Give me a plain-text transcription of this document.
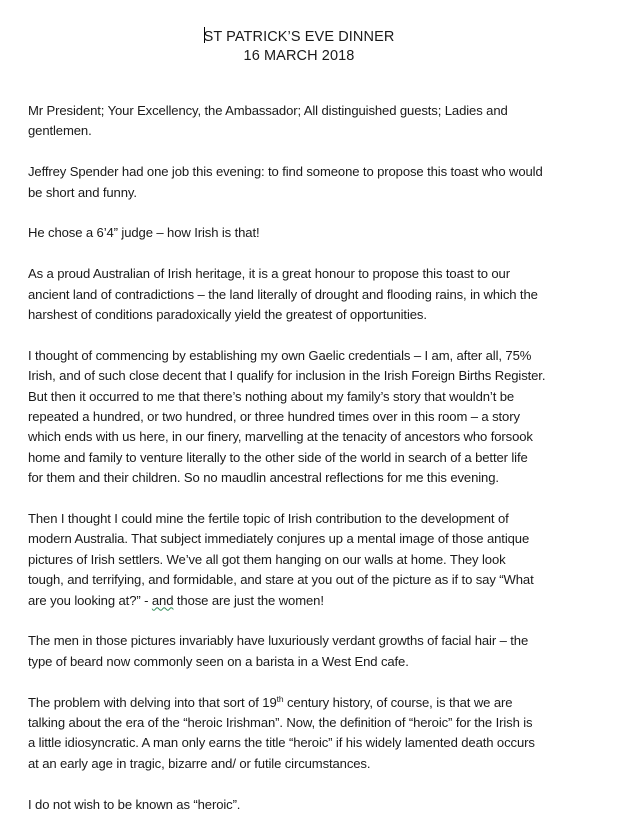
ST PATRICK’S EVE DINNER
16 MARCH 2018

Mr President; Your Excellency, the Ambassador; All distinguished guests; Ladies and
gentlemen.

Jeffrey Spender had one job this evening: to find someone to propose this toast who would
be short and funny.

He chose a 6’4” judge – how Irish is that!

As a proud Australian of Irish heritage, it is a great honour to propose this toast to our
ancient land of contradictions – the land literally of drought and flooding rains, in which the
harshest of conditions paradoxically yield the greatest of opportunities.

I thought of commencing by establishing my own Gaelic credentials – I am, after all, 75%
Irish, and of such close decent that I qualify for inclusion in the Irish Foreign Births Register.
But then it occurred to me that there’s nothing about my family’s story that wouldn’t be
repeated a hundred, or two hundred, or three hundred times over in this room – a story
which ends with us here, in our finery, marvelling at the tenacity of ancestors who forsook
home and family to venture literally to the other side of the world in search of a better life
for them and their children. So no maudlin ancestral reflections for me this evening.

Then I thought I could mine the fertile topic of Irish contribution to the development of
modern Australia. That subject immediately conjures up a mental image of those antique
pictures of Irish settlers. We’ve all got them hanging on our walls at home. They look
tough, and terrifying, and formidable, and stare at you out of the picture as if to say “What
are you looking at?” - and those are just the women!

The men in those pictures invariably have luxuriously verdant growths of facial hair – the
type of beard now commonly seen on a barista in a West End cafe.

The problem with delving into that sort of 19th century history, of course, is that we are
talking about the era of the “heroic Irishman”. Now, the definition of “heroic” for the Irish is
a little idiosyncratic. A man only earns the title “heroic” if his widely lamented death occurs
at an early age in tragic, bizarre and/ or futile circumstances.

I do not wish to be known as “heroic”.
